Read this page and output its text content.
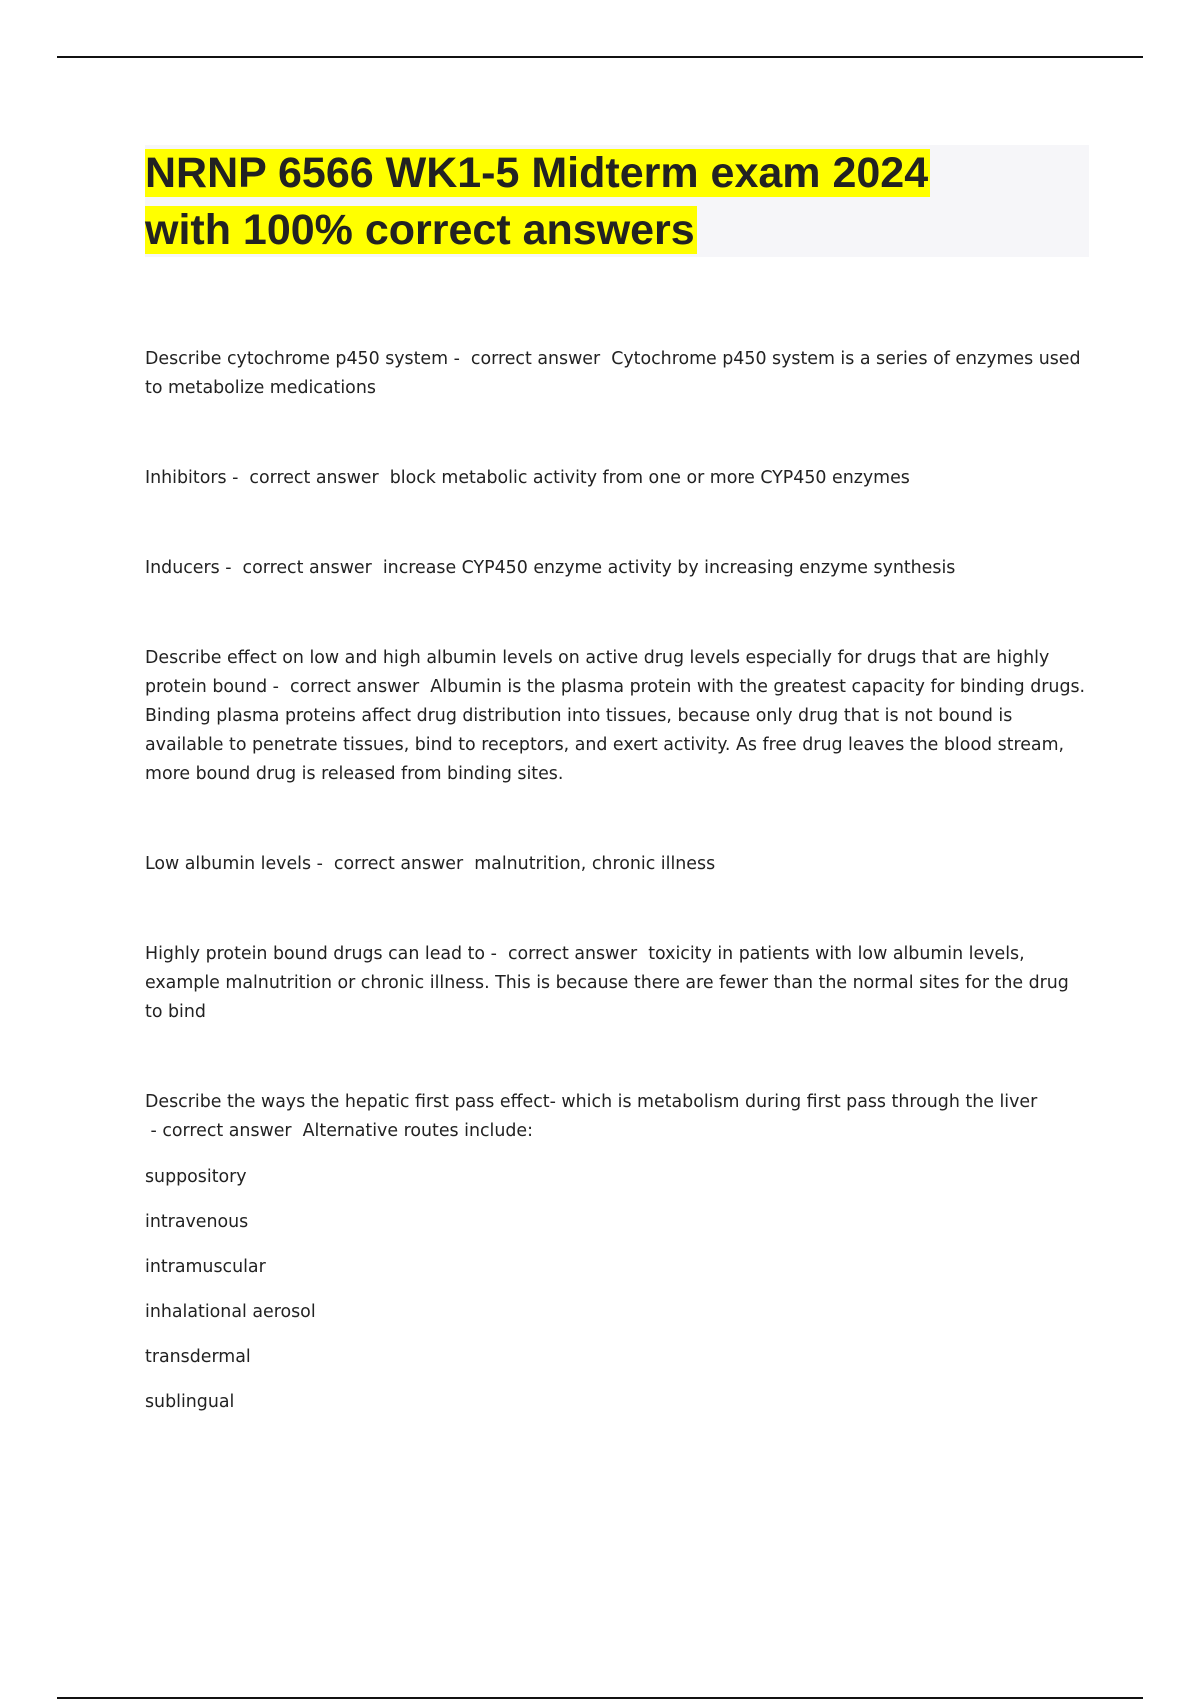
NRNP 6566 WK1-5 Midterm exam 2024
with 100% correct answers

Describe cytochrome p450 system -  correct answer Cytochrome p450 system is a series of enzymes used to metabolize medications

Inhibitors -  correct answer block metabolic activity from one or more CYP450 enzymes

Inducers -  correct answer increase CYP450 enzyme activity by increasing enzyme synthesis

Describe effect on low and high albumin levels on active drug levels especially for drugs that are highly protein bound -  correct answer Albumin is the plasma protein with the greatest capacity for binding drugs. Binding plasma proteins affect drug distribution into tissues, because only drug that is not bound is available to penetrate tissues, bind to receptors, and exert activity. As free drug leaves the blood stream, more bound drug is released from binding sites.

Low albumin levels -  correct answer malnutrition, chronic illness

Highly protein bound drugs can lead to -  correct answer toxicity in patients with low albumin levels, example malnutrition or chronic illness. This is because there are fewer than the normal sites for the drug to bind

Describe the ways the hepatic first pass effect- which is metabolism during first pass through the liver - correct answer Alternative routes include:

suppository

intravenous

intramuscular

inhalational aerosol

transdermal

sublingual
